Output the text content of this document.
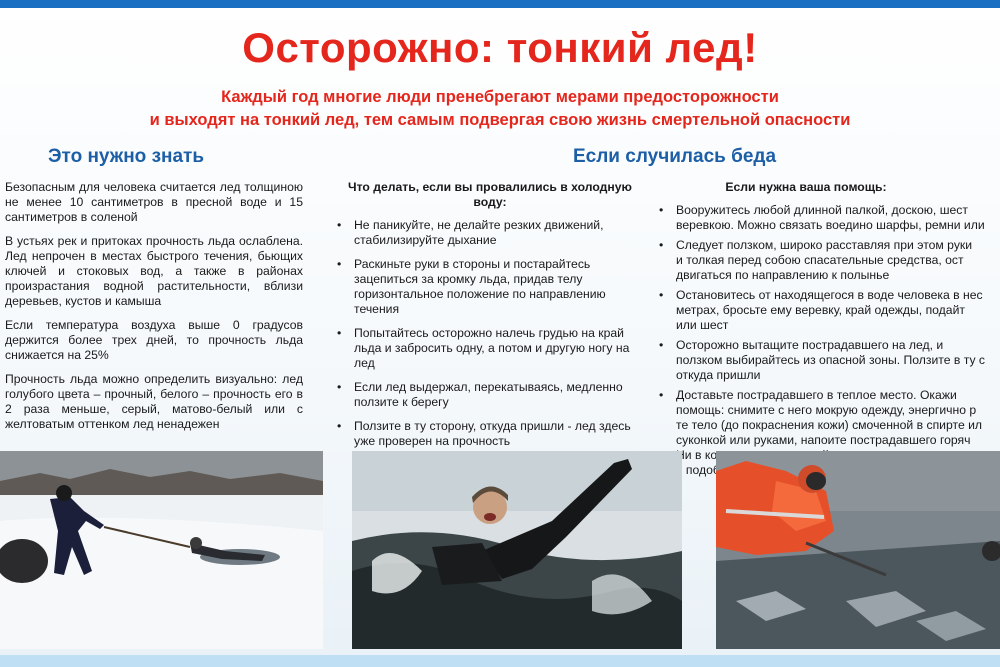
Осторожно: тонкий лед!
Каждый год многие люди пренебрегают мерами предосторожности
и выходят на тонкий лед, тем самым подвергая свою жизнь смертельной опасности
Это нужно знать	Если случилась беда

Безопасным для человека считается лед толщиною не менее 10 сантиметров в пресной воде и 15 сантиметров в соленой

В устьях рек и притоках прочность льда ослаблена. Лед непрочен в местах быстрого течения, бьющих ключей и стоковых вод, а также в районах произрастания водной растительности, вблизи деревьев, кустов и камыша

Если температура воздуха выше 0 градусов держится более трех дней, то прочность льда снижается на 25%

Прочность льда можно определить визуально: лед голубого цвета – прочный, белого – прочность его в 2 раза меньше, серый, матово-белый или с желтоватым оттенком лед ненадежен

Что делать, если вы провалились в холодную воду:
• Не паникуйте, не делайте резких движений, стабилизируйте дыхание
• Раскиньте руки в стороны и постарайтесь зацепиться за кромку льда, придав телу горизонтальное положение по направлению течения
• Попытайтесь осторожно налечь грудью на край льда и забросить одну, а потом и другую ногу на лед
• Если лед выдержал, перекатываясь, медленно ползите к берегу
• Ползите в ту сторону, откуда пришли - лед здесь уже проверен на прочность
Если нужна ваша помощь:
• Вооружитесь любой длинной палкой, доскою, шест
веревкою. Можно связать воедино шарфы, ремни или
• Следует ползком, широко расставляя при этом руки
и толкая перед собою спасательные средства, ост
двигаться по направлению к полынье
• Остановитесь от находящегося в воде человека в нес
метрах, бросьте ему веревку, край одежды, подайт
или шест
• Осторожно вытащите пострадавшего на лед, и
ползком выбирайтесь из опасной зоны. Ползите в ту с
откуда пришли
• Доставьте пострадавшего в теплое место. Окажи
помощь: снимите с него мокрую одежду, энергично р
те тело (до покраснения кожи) смоченной в спирте ил
суконкой или руками, напоите пострадавшего горяч
Ни в
подобных
